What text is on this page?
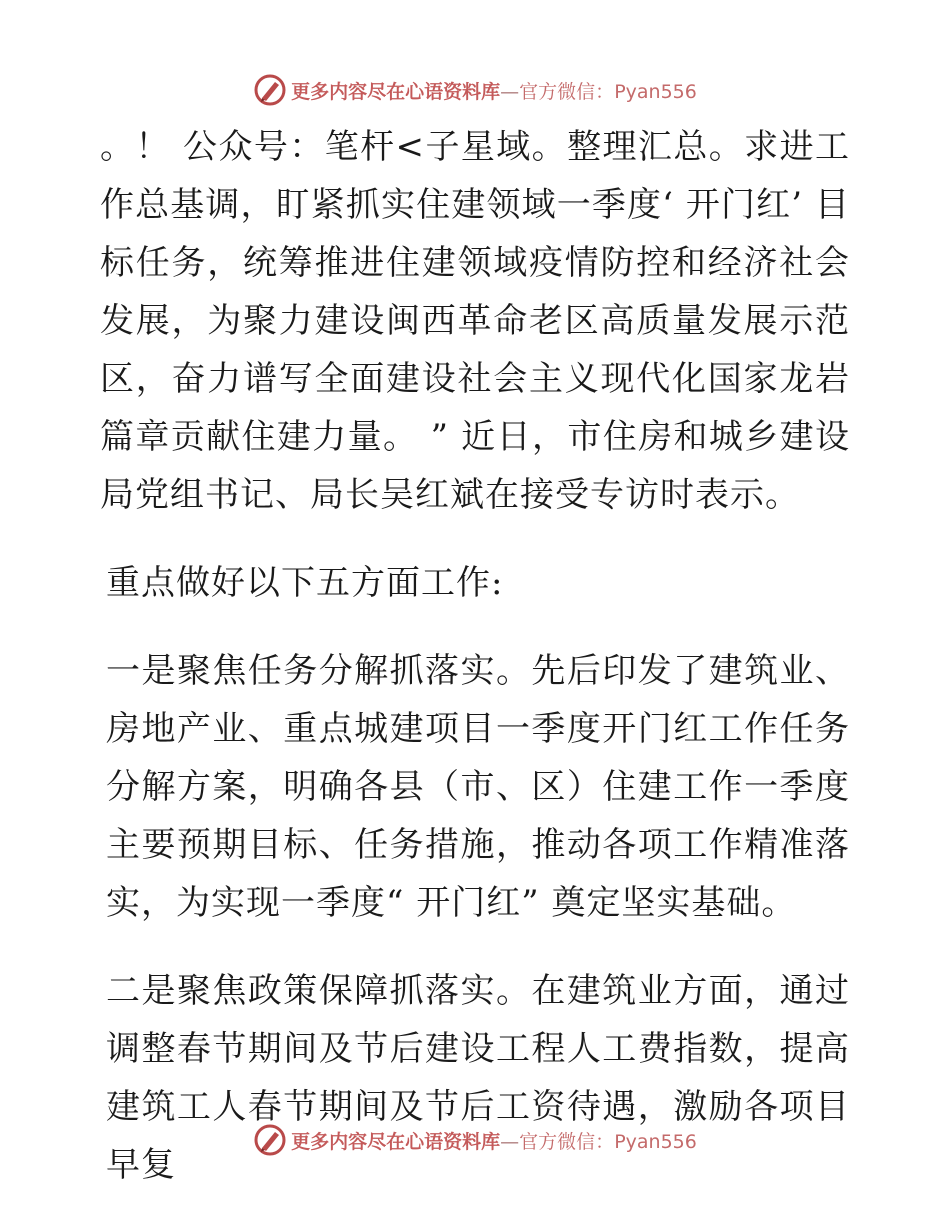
更多内容尽在心语资料库—官方微信：Pyan556

。！ 公众号：笔杆<子星域。整理汇总。求进工作总基调，盯紧抓实住建领域一季度‘ 开门红’ 目标任务，统筹推进住建领域疫情防控和经济社会发展，为聚力建设闽西革命老区高质量发展示范区，奋力谱写全面建设社会主义现代化国家龙岩篇章贡献住建力量。 ” 近日，市住房和城乡建设局党组书记、局长吴红斌在接受专访时表示。

重点做好以下五方面工作:

一是聚焦任务分解抓落实。先后印发了建筑业、房地产业、重点城建项目一季度开门红工作任务分解方案，明确各县（市、区）住建工作一季度主要预期目标、任务措施，推动各项工作精准落实，为实现一季度“ 开门红” 奠定坚实基础。

二是聚焦政策保障抓落实。在建筑业方面，通过调整春节期间及节后建设工程人工费指数，提高建筑工人春节期间及节后工资待遇，激励各项目早复

更多内容尽在心语资料库—官方微信：Pyan556
